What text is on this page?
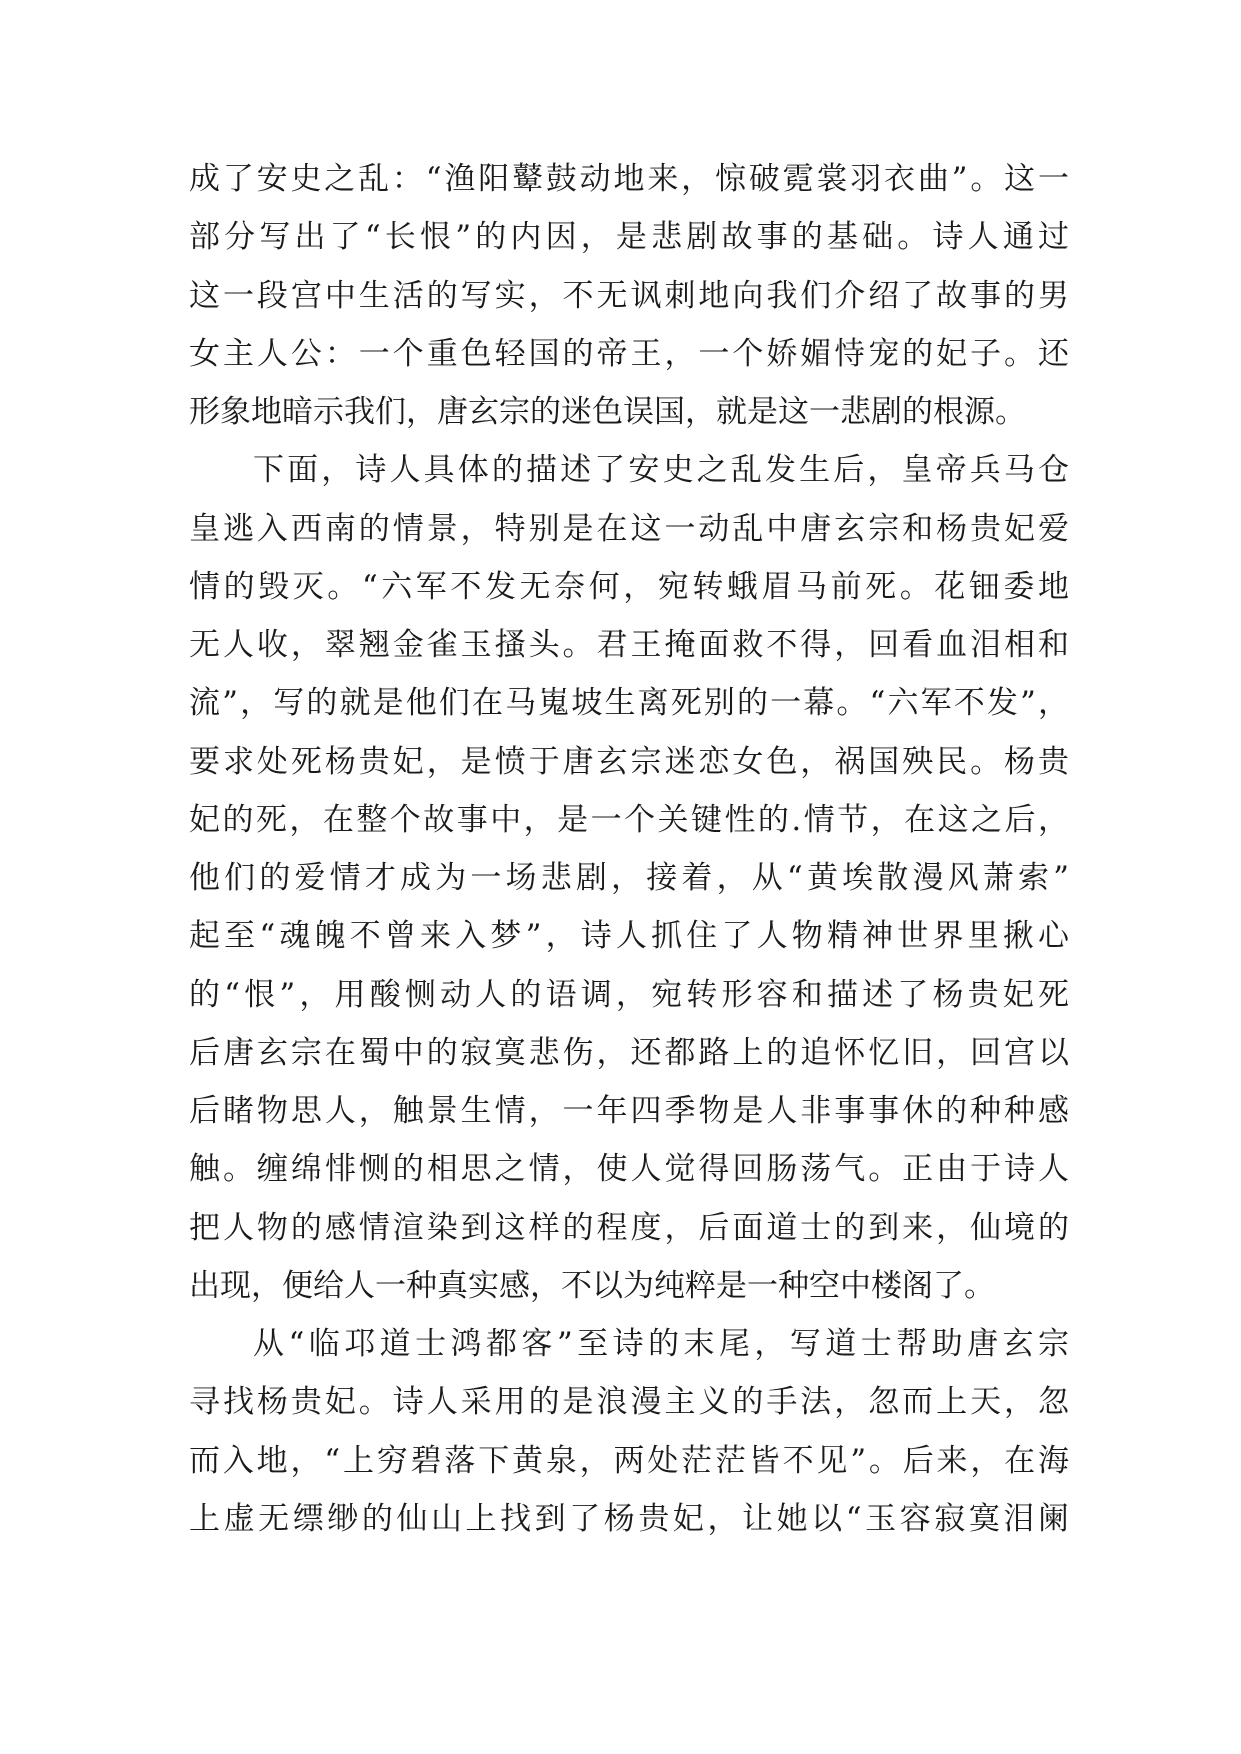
成了安史之乱：“渔阳鼙鼓动地来，惊破霓裳羽衣曲”。这一
部分写出了“长恨”的内因，是悲剧故事的基础。诗人通过
这一段宫中生活的写实，不无讽刺地向我们介绍了故事的男
女主人公：一个重色轻国的帝王，一个娇媚恃宠的妃子。还
形象地暗示我们，唐玄宗的迷色误国，就是这一悲剧的根源。
下面，诗人具体的描述了安史之乱发生后，皇帝兵马仓
皇逃入西南的情景，特别是在这一动乱中唐玄宗和杨贵妃爱
情的毁灭。“六军不发无奈何，宛转蛾眉马前死。花钿委地
无人收，翠翘金雀玉搔头。君王掩面救不得，回看血泪相和
流”，写的就是他们在马嵬坡生离死别的一幕。“六军不发”，
要求处死杨贵妃，是愤于唐玄宗迷恋女色，祸国殃民。杨贵
妃的死，在整个故事中，是一个关键性的.情节，在这之后，
他们的爱情才成为一场悲剧，接着，从“黄埃散漫风萧索”
起至“魂魄不曾来入梦”，诗人抓住了人物精神世界里揪心
的“恨”，用酸恻动人的语调，宛转形容和描述了杨贵妃死
后唐玄宗在蜀中的寂寞悲伤，还都路上的追怀忆旧，回宫以
后睹物思人，触景生情，一年四季物是人非事事休的种种感
触。缠绵悱恻的相思之情，使人觉得回肠荡气。正由于诗人
把人物的感情渲染到这样的程度，后面道士的到来，仙境的
出现，便给人一种真实感，不以为纯粹是一种空中楼阁了。
从“临邛道士鸿都客”至诗的末尾，写道士帮助唐玄宗
寻找杨贵妃。诗人采用的是浪漫主义的手法，忽而上天，忽
而入地，“上穷碧落下黄泉，两处茫茫皆不见”。后来，在海
上虚无缥缈的仙山上找到了杨贵妃，让她以“玉容寂寞泪阑
